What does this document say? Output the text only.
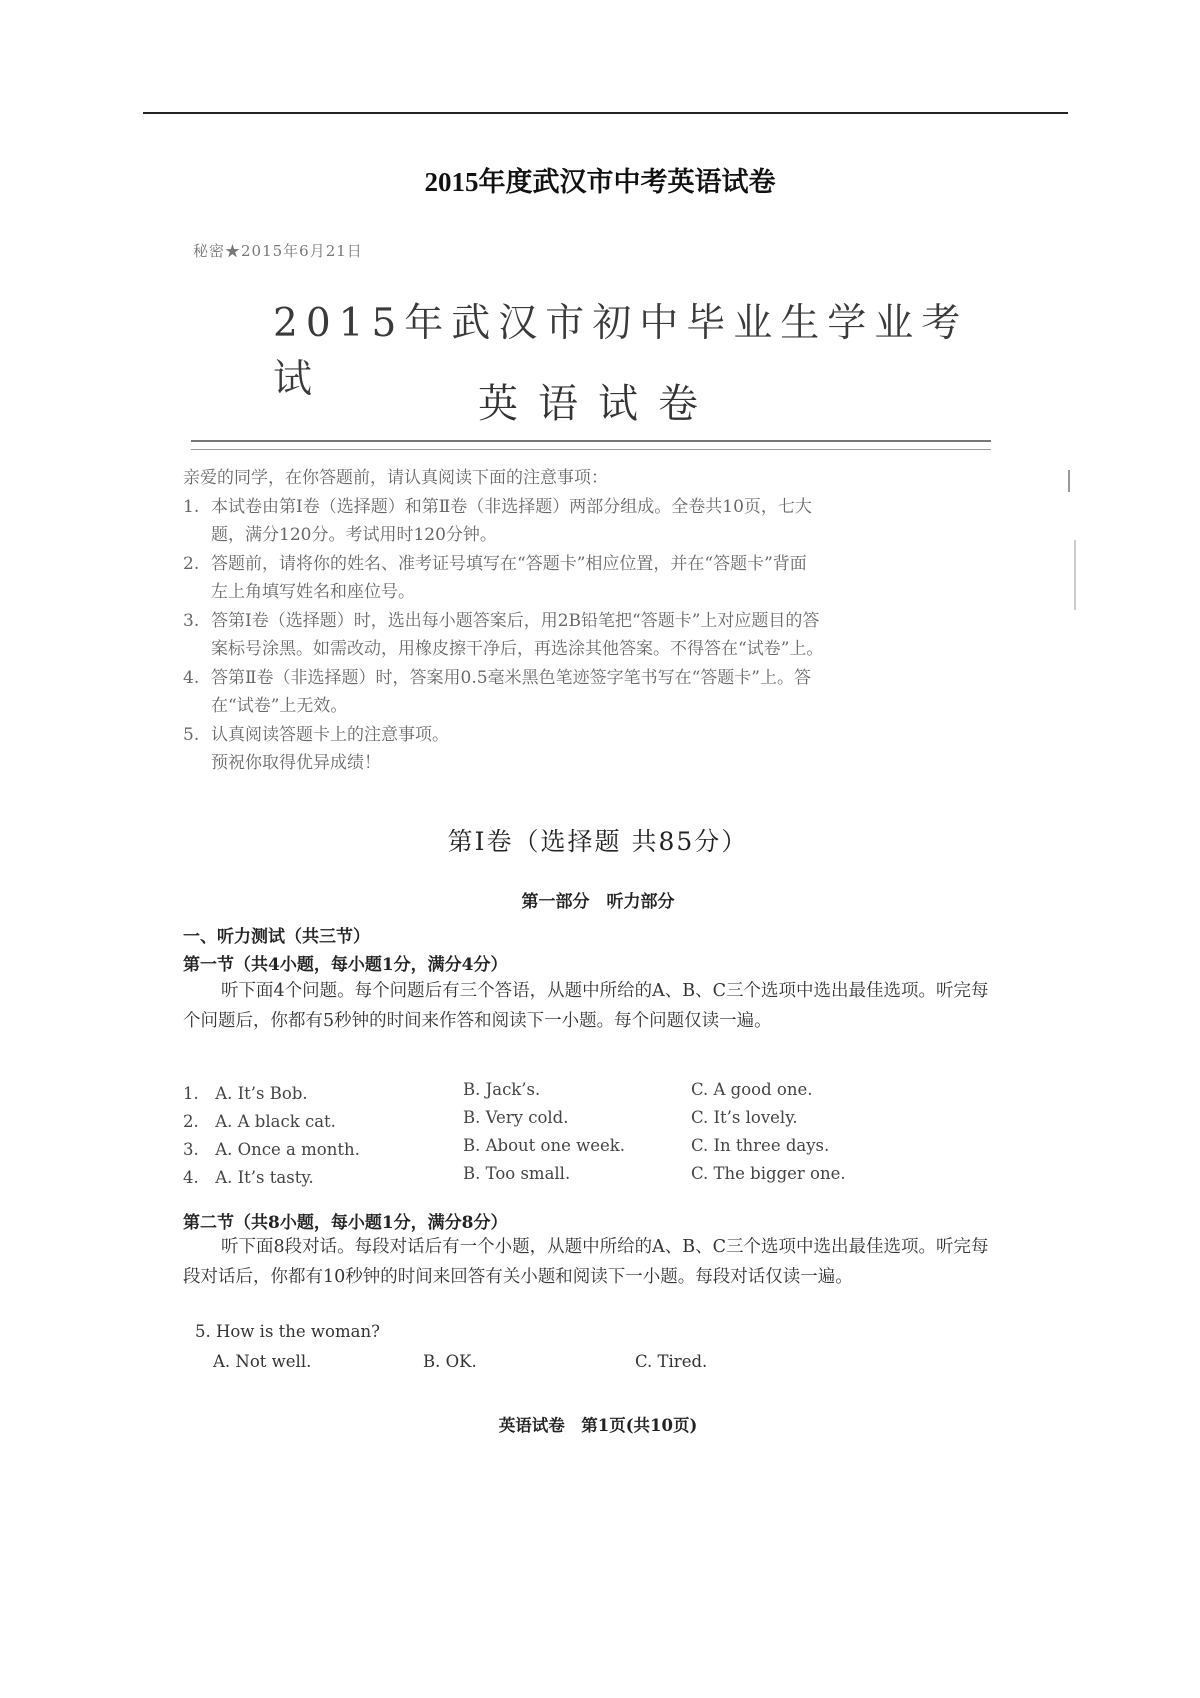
2015年度武汉市中考英语试卷
秘密★2015年6月21日
2015年武汉市初中毕业生学业考试
英语试卷
亲爱的同学，在你答题前，请认真阅读下面的注意事项：
1. 本试卷由第Ⅰ卷（选择题）和第Ⅱ卷（非选择题）两部分组成。全卷共10页，七大
题，满分120分。考试用时120分钟。
2. 答题前，请将你的姓名、准考证号填写在“答题卡”相应位置，并在“答题卡”背面
左上角填写姓名和座位号。
3. 答第Ⅰ卷（选择题）时，选出每小题答案后，用2B铅笔把“答题卡”上对应题目的答
案标号涂黑。如需改动，用橡皮擦干净后，再选涂其他答案。不得答在“试卷”上。
4. 答第Ⅱ卷（非选择题）时，答案用0.5毫米黑色笔迹签字笔书写在“答题卡”上。答
在“试卷”上无效。
5. 认真阅读答题卡上的注意事项。
预祝你取得优异成绩！
第Ⅰ卷（选择题 共85分）
第一部分　听力部分
一、听力测试（共三节）
第一节（共4小题，每小题1分，满分4分）
听下面4个问题。每个问题后有三个答语，从题中所给的A、B、C三个选项中选出最佳选项。听完每个问题后，你都有5秒钟的时间来作答和阅读下一小题。每个问题仅读一遍。
1.　A. It’s Bob.	B. Jack’s.	C. A good one.
2.　A. A black cat.	B. Very cold.	C. It’s lovely.
3.　A. Once a month.	B. About one week.	C. In three days.
4.　A. It’s tasty.	B. Too small.	C. The bigger one.
第二节（共8小题，每小题1分，满分8分）
听下面8段对话。每段对话后有一个小题，从题中所给的A、B、C三个选项中选出最佳选项。听完每段对话后，你都有10秒钟的时间来回答有关小题和阅读下一小题。每段对话仅读一遍。
5. How is the woman?
A. Not well.	B. OK.	C. Tired.
英语试卷　第1页(共10页)
